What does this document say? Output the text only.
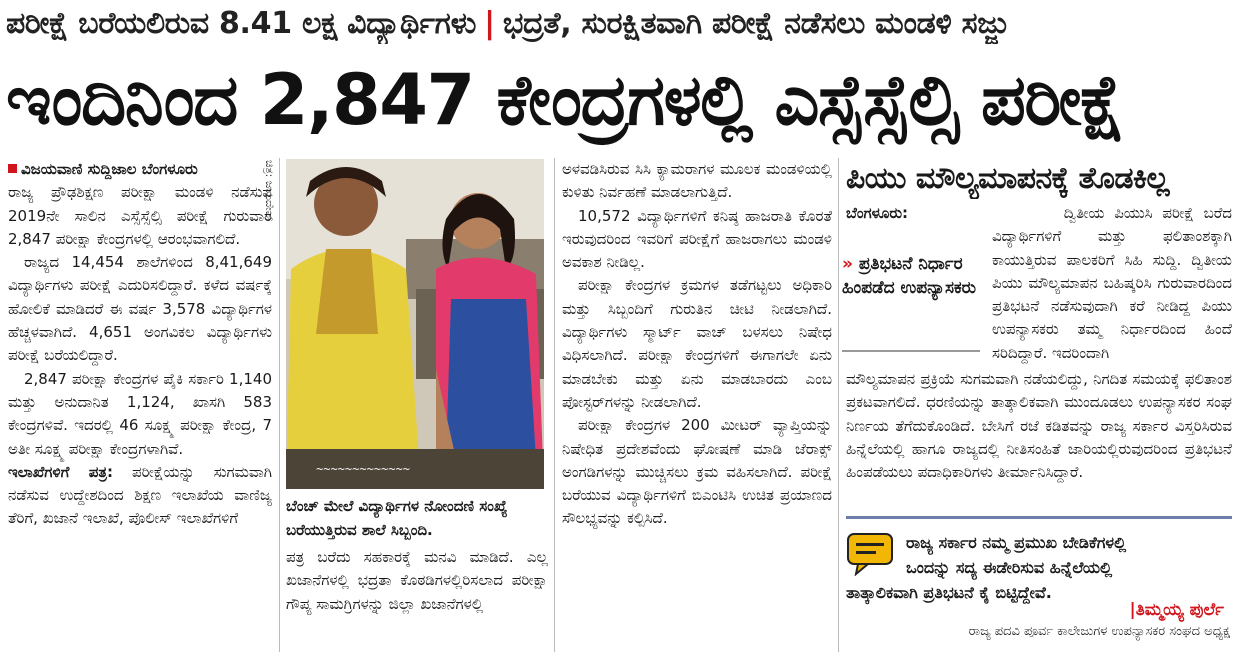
ಪರೀಕ್ಷೆ ಬರೆಯಲಿರುವ 8.41 ಲಕ್ಷ ವಿದ್ಯಾರ್ಥಿಗಳು | ಭದ್ರತೆ, ಸುರಕ್ಷಿತವಾಗಿ ಪರೀಕ್ಷೆ ನಡೆಸಲು ಮಂಡಳಿ ಸಜ್ಜು
ಇಂದಿನಿಂದ 2,847 ಕೇಂದ್ರಗಳಲ್ಲಿ ಎಸ್ಸೆಸ್ಸೆಲ್ಸಿ ಪರೀಕ್ಷೆ

ವಿಜಯವಾಣಿ ಸುದ್ದಿಜಾಲ ಬೆಂಗಳೂರು

ರಾಜ್ಯ ಪ್ರೌಢಶಿಕ್ಷಣ ಪರೀಕ್ಷಾ ಮಂಡಳಿ ನಡೆಸುವ 2019ನೇ ಸಾಲಿನ ಎಸ್ಸೆಸ್ಸೆಲ್ಸಿ ಪರೀಕ್ಷೆ ಗುರುವಾರ 2,847 ಪರೀಕ್ಷಾ ಕೇಂದ್ರಗಳಲ್ಲಿ ಆರಂಭವಾಗಲಿದೆ.

ರಾಜ್ಯದ 14,454 ಶಾಲೆಗಳಿಂದ 8,41,649 ವಿದ್ಯಾರ್ಥಿಗಳು ಪರೀಕ್ಷೆ ಎದುರಿಸಲಿದ್ದಾರೆ. ಕಳೆದ ವರ್ಷಕ್ಕೆ ಹೋಲಿಕೆ ಮಾಡಿದರೆ ಈ ವರ್ಷ 3,578 ವಿದ್ಯಾರ್ಥಿಗಳ ಹೆಚ್ಚಳವಾಗಿದೆ. 4,651 ಅಂಗವಿಕಲ ವಿದ್ಯಾರ್ಥಿಗಳು ಪರೀಕ್ಷೆ ಬರೆಯಲಿದ್ದಾರೆ.

2,847 ಪರೀಕ್ಷಾ ಕೇಂದ್ರಗಳ ಪೈಕಿ ಸರ್ಕಾರಿ 1,140 ಮತ್ತು ಅನುದಾನಿತ 1,124, ಖಾಸಗಿ 583 ಕೇಂದ್ರಗಳಿವೆ. ಇದರಲ್ಲಿ 46 ಸೂಕ್ಷ್ಮ ಪರೀಕ್ಷಾ ಕೇಂದ್ರ, 7 ಅತೀ ಸೂಕ್ಷ್ಮ ಪರೀಕ್ಷಾ ಕೇಂದ್ರಗಳಾಗಿವೆ.

ಇಲಾಖೆಗಳಿಗೆ ಪತ್ರ: ಪರೀಕ್ಷೆಯನ್ನು ಸುಗಮವಾಗಿ ನಡೆಸುವ ಉದ್ದೇಶದಿಂದ ಶಿಕ್ಷಣ ಇಲಾಖೆಯ ವಾಣಿಜ್ಯ ತೆರಿಗೆ, ಖಜಾನೆ ಇಲಾಖೆ, ಪೊಲೀಸ್ ಇಲಾಖೆಗಳಿಗೆ

ಚಿತ್ರ: ಜಯದೇವ್
~~~~~~~~~~~~~
ಬೆಂಚ್ ಮೇಲೆ ವಿದ್ಯಾರ್ಥಿಗಳ ನೋಂದಣಿ ಸಂಖ್ಯೆ ಬರೆಯುತ್ತಿರುವ ಶಾಲೆ ಸಿಬ್ಬಂದಿ.

ಪತ್ರ ಬರೆದು ಸಹಕಾರಕ್ಕೆ ಮನವಿ ಮಾಡಿದೆ. ಎಲ್ಲ ಖಜಾನೆಗಳಲ್ಲಿ ಭದ್ರತಾ ಕೊಠಡಿಗಳಲ್ಲಿರಿಸಲಾದ ಪರೀಕ್ಷಾ ಗೌಪ್ಯ ಸಾಮಗ್ರಿಗಳನ್ನು ಜಿಲ್ಲಾ ಖಜಾನೆಗಳಲ್ಲಿ

ಅಳವಡಿಸಿರುವ ಸಿಸಿ ಕ್ಯಾಮರಾಗಳ ಮೂಲಕ ಮಂಡಳಿಯಲ್ಲಿ ಕುಳಿತು ನಿರ್ವಹಣೆ ಮಾಡಲಾಗುತ್ತಿದೆ.

10,572 ವಿದ್ಯಾರ್ಥಿಗಳಿಗೆ ಕನಿಷ್ಠ ಹಾಜರಾತಿ ಕೊರತೆ ಇರುವುದರಿಂದ ಇವರಿಗೆ ಪರೀಕ್ಷೆಗೆ ಹಾಜರಾಗಲು ಮಂಡಳಿ ಅವಕಾಶ ನೀಡಿಲ್ಲ.

ಪರೀಕ್ಷಾ ಕೇಂದ್ರಗಳ ಕ್ರಮಗಳ ತಡೆಗಟ್ಟಲು ಅಧಿಕಾರಿ ಮತ್ತು ಸಿಬ್ಬಂದಿಗೆ ಗುರುತಿನ ಚೀಟಿ ನೀಡಲಾಗಿದೆ. ವಿದ್ಯಾರ್ಥಿಗಳು ಸ್ಮಾರ್ಟ್ ವಾಚ್ ಬಳಸಲು ನಿಷೇಧ ವಿಧಿಸಲಾಗಿದೆ. ಪರೀಕ್ಷಾ ಕೇಂದ್ರಗಳಿಗೆ ಈಗಾಗಲೇ ಏನು ಮಾಡಬೇಕು ಮತ್ತು ಏನು ಮಾಡಬಾರದು ಎಂಬ ಪೋಸ್ಟರ್‌ಗಳನ್ನು ನೀಡಲಾಗಿದೆ.

ಪರೀಕ್ಷಾ ಕೇಂದ್ರಗಳ 200 ಮೀಟರ್ ವ್ಯಾಪ್ತಿಯನ್ನು ನಿಷೇಧಿತ ಪ್ರದೇಶವೆಂದು ಘೋಷಣೆ ಮಾಡಿ ಜೆರಾಕ್ಸ್ ಅಂಗಡಿಗಳನ್ನು ಮುಚ್ಚಿಸಲು ಕ್ರಮ ವಹಿಸಲಾಗಿದೆ. ಪರೀಕ್ಷೆ ಬರೆಯುವ ವಿದ್ಯಾರ್ಥಿಗಳಿಗೆ ಬಿಎಂಟಿಸಿ ಉಚಿತ ಪ್ರಯಾಣದ ಸೌಲಭ್ಯವನ್ನು ಕಲ್ಪಿಸಿದೆ.

ಪಿಯು ಮೌಲ್ಯಮಾಪನಕ್ಕೆ ತೊಡಕಿಲ್ಲ

ಬೆಂಗಳೂರು:	ದ್ವಿತೀಯ ಪಿಯುಸಿ ಪರೀಕ್ಷೆ ಬರೆದ ವಿದ್ಯಾರ್ಥಿಗಳಿಗೆ ಮತ್ತು ಫಲಿತಾಂಶಕ್ಕಾಗಿ ಕಾಯುತ್ತಿರುವ ಪಾಲಕರಿಗೆ ಸಿಹಿ ಸುದ್ದಿ. ದ್ವಿತೀಯ ಪಿಯು ಮೌಲ್ಯಮಾಪನ ಬಹಿಷ್ಕರಿಸಿ ಗುರುವಾರದಿಂದ ಪ್ರತಿಭಟನೆ ನಡೆಸುವುದಾಗಿ ಕರೆ ನೀಡಿದ್ದ ಪಿಯು ಉಪನ್ಯಾಸಕರು ತಮ್ಮ ನಿರ್ಧಾರದಿಂದ ಹಿಂದೆ ಸರಿದಿದ್ದಾರೆ. ಇದರಿಂದಾಗಿ

» ಪ್ರತಿಭಟನೆ ನಿರ್ಧಾರ ಹಿಂಪಡೆದ ಉಪನ್ಯಾಸಕರು

ಮೌಲ್ಯಮಾಪನ ಪ್ರಕ್ರಿಯೆ ಸುಗಮವಾಗಿ ನಡೆಯಲಿದ್ದು, ನಿಗದಿತ ಸಮಯಕ್ಕೆ ಫಲಿತಾಂಶ ಪ್ರಕಟವಾಗಲಿದೆ. ಧರಣಿಯನ್ನು ತಾತ್ಕಾಲಿಕವಾಗಿ ಮುಂದೂಡಲು ಉಪನ್ಯಾಸಕರ ಸಂಘ ನಿರ್ಣಯ ತೆಗೆದುಕೊಂಡಿದೆ. ಬೇಸಿಗೆ ರಜೆ ಕಡಿತವನ್ನು ರಾಜ್ಯ ಸರ್ಕಾರ ವಿಸ್ತರಿಸಿರುವ ಹಿನ್ನೆಲೆಯಲ್ಲಿ ಹಾಗೂ ರಾಜ್ಯದಲ್ಲಿ ನೀತಿಸಂಹಿತೆ ಜಾರಿಯಲ್ಲಿರುವುದರಿಂದ ಪ್ರತಿಭಟನೆ ಹಿಂಪಡೆಯಲು ಪದಾಧಿಕಾರಿಗಳು ತೀರ್ಮಾನಿಸಿದ್ದಾರೆ.

ರಾಜ್ಯ ಸರ್ಕಾರ ನಮ್ಮ ಪ್ರಮುಖ ಬೇಡಿಕೆಗಳಲ್ಲಿ
ಒಂದನ್ನು ಸದ್ಯ ಈಡೇರಿಸುವ ಹಿನ್ನೆಲೆಯಲ್ಲಿ
ತಾತ್ಕಾಲಿಕವಾಗಿ ಪ್ರತಿಭಟನೆ ಕೈ ಬಿಟ್ಟಿದ್ದೇವೆ.
|ತಿಮ್ಮಯ್ಯ ಪುರ್ಲೆ
ರಾಜ್ಯ ಪದವಿ ಪೂರ್ವ ಕಾಲೇಜುಗಳ ಉಪನ್ಯಾಸಕರ ಸಂಘದ ಅಧ್ಯಕ್ಷ
